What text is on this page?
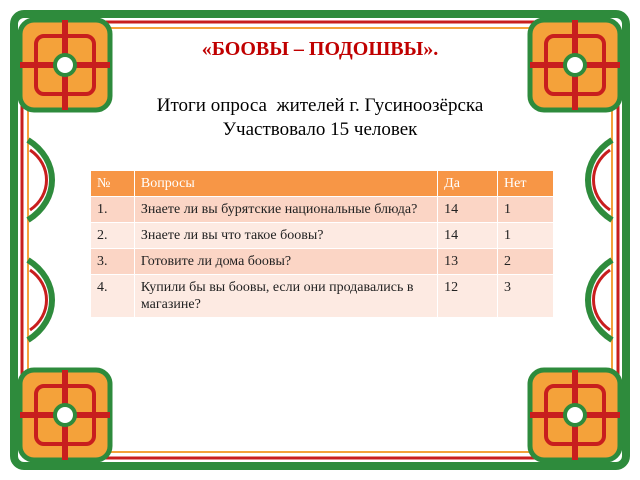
«БООВЫ – ПОДОШВЫ».
Итоги опроса  жителей г. Гусиноозёрска
Участвовало 15 человек
№	Вопросы	Да	Нет
1.	Знаете ли вы бурятские национальные блюда?	14	1
2.	Знаете ли вы что такое боовы?	14	1
3.	Готовите ли дома боовы?	13	2
4.	Купили бы вы боовы, если они продавались в магазине?	12	3
